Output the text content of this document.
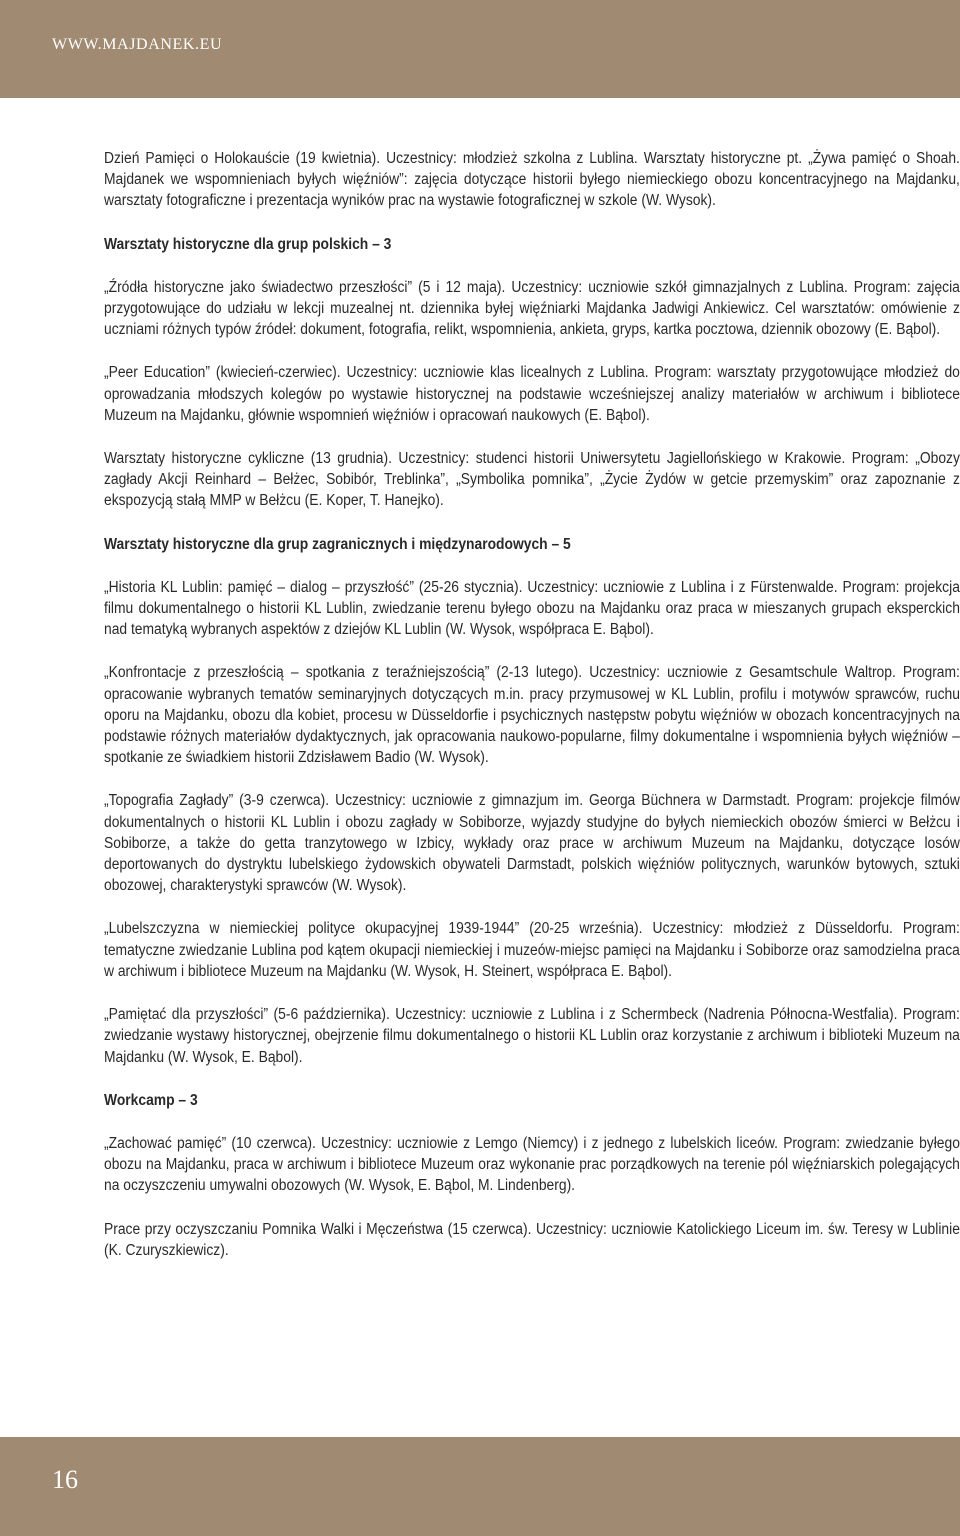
WWW.MAJDANEK.EU

Dzień Pamięci o Holokauście (19 kwietnia). Uczestnicy: młodzież szkolna z Lublina. Warsztaty historyczne pt. „Żywa pamięć o Shoah. Majdanek we wspomnieniach byłych więźniów”: zajęcia dotyczące historii byłego niemieckiego obozu koncentracyjnego na Majdanku, warsztaty fotograficzne i prezentacja wyników prac na wystawie fotograficznej w szkole (W. Wysok).

Warsztaty historyczne dla grup polskich – 3

„Źródła historyczne jako świadectwo przeszłości” (5 i 12 maja). Uczestnicy: uczniowie szkół gimnazjalnych z Lublina. Program: zajęcia przygotowujące do udziału w lekcji muzealnej nt. dziennika byłej więźniarki Majdanka Jadwigi Ankiewicz. Cel warsztatów: omówienie z uczniami różnych typów źródeł: dokument, fotografia, relikt, wspomnienia, ankieta, gryps, kartka pocztowa, dziennik obozowy (E. Bąbol).

„Peer Education” (kwiecień-czerwiec). Uczestnicy: uczniowie klas licealnych z Lublina. Program: warsztaty przygotowujące młodzież do oprowadzania młodszych kolegów po wystawie historycznej na podstawie wcześniejszej analizy materiałów w archiwum i bibliotece Muzeum na Majdanku, głównie wspomnień więźniów i opracowań naukowych (E. Bąbol).

Warsztaty historyczne cykliczne (13 grudnia). Uczestnicy: studenci historii Uniwersytetu Jagiellońskiego w Krakowie. Program: „Obozy zagłady Akcji Reinhard – Bełżec, Sobibór, Treblinka”, „Symbolika pomnika”, „Życie Żydów w getcie przemyskim” oraz zapoznanie z ekspozycją stałą MMP w Bełżcu (E. Koper, T. Hanejko).

Warsztaty historyczne dla grup zagranicznych i międzynarodowych – 5

„Historia KL Lublin: pamięć – dialog – przyszłość” (25-26 stycznia). Uczestnicy: uczniowie z Lublina i z Fürstenwalde. Program: projekcja filmu dokumentalnego o historii KL Lublin, zwiedzanie terenu byłego obozu na Majdanku oraz praca w mieszanych grupach eksperckich nad tematyką wybranych aspektów z dziejów KL Lublin (W. Wysok, współpraca E. Bąbol).

„Konfrontacje z przeszłością – spotkania z teraźniejszością” (2-13 lutego). Uczestnicy: uczniowie z Gesamtschule Waltrop. Program: opracowanie wybranych tematów seminaryjnych dotyczących m.in. pracy przymusowej w KL Lublin, profilu i motywów sprawców, ruchu oporu na Majdanku, obozu dla kobiet, procesu w Düsseldorfie i psychicznych następstw pobytu więźniów w obozach koncentracyjnych na podstawie różnych materiałów dydaktycznych, jak opracowania naukowo-popularne, filmy dokumentalne i wspomnienia byłych więźniów – spotkanie ze świadkiem historii Zdzisławem Badio (W. Wysok).

„Topografia Zagłady” (3-9 czerwca). Uczestnicy: uczniowie z gimnazjum im. Georga Büchnera w Darmstadt. Program: projekcje filmów dokumentalnych o historii KL Lublin i obozu zagłady w Sobiborze, wyjazdy studyjne do byłych niemieckich obozów śmierci w Bełżcu i Sobiborze, a także do getta tranzytowego w Izbicy, wykłady oraz prace w archiwum Muzeum na Majdanku, dotyczące losów deportowanych do dystryktu lubelskiego żydowskich obywateli Darmstadt, polskich więźniów politycznych, warunków bytowych, sztuki obozowej, charakterystyki sprawców (W. Wysok).

„Lubelszczyzna w niemieckiej polityce okupacyjnej 1939-1944” (20-25 września). Uczestnicy: młodzież z Düsseldorfu. Program: tematyczne zwiedzanie Lublina pod kątem okupacji niemieckiej i muzeów-miejsc pamięci na Majdanku i Sobiborze oraz samodzielna praca w archiwum i bibliotece Muzeum na Majdanku (W. Wysok, H. Steinert, współpraca E. Bąbol).

„Pamiętać dla przyszłości” (5-6 października). Uczestnicy: uczniowie z Lublina i z Schermbeck (Nadrenia Północna-Westfalia). Program: zwiedzanie wystawy historycznej, obejrzenie filmu dokumentalnego o historii KL Lublin oraz korzystanie z archiwum i biblioteki Muzeum na Majdanku (W. Wysok, E. Bąbol).

Workcamp – 3

„Zachować pamięć” (10 czerwca). Uczestnicy: uczniowie z Lemgo (Niemcy) i z jednego z lubelskich liceów. Program: zwiedzanie byłego obozu na Majdanku, praca w archiwum i bibliotece Muzeum oraz wykonanie prac porządkowych na terenie pól więźniarskich polegających na oczyszczeniu umywalni obozowych (W. Wysok, E. Bąbol, M. Lindenberg).

Prace przy oczyszczaniu Pomnika Walki i Męczeństwa (15 czerwca). Uczestnicy: uczniowie Katolickiego Liceum im. św. Teresy w Lublinie (K. Czuryszkiewicz).

16
